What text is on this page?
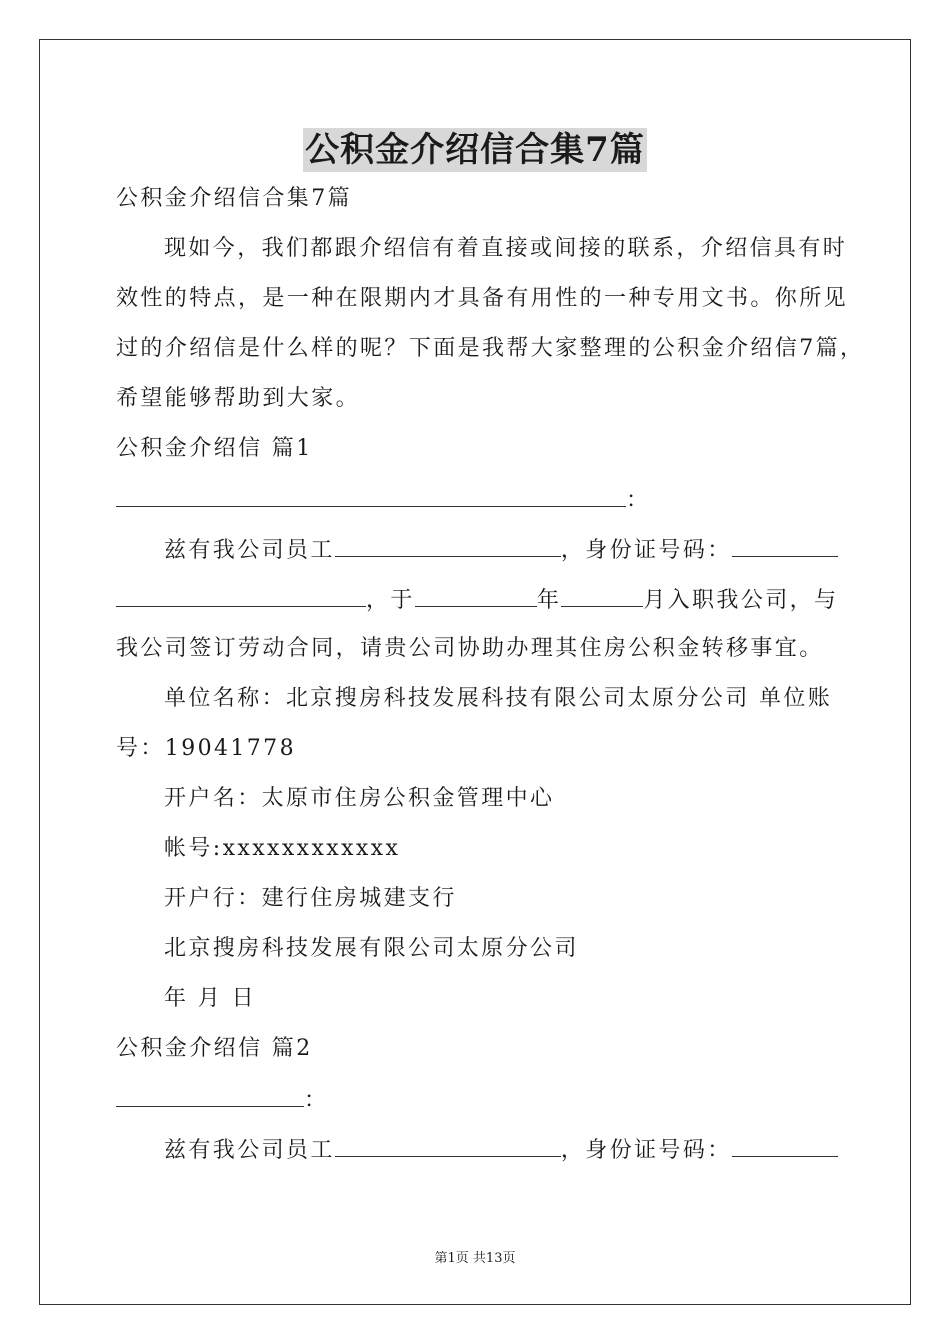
公积金介绍信合集7篇
公积金介绍信合集7篇
现如今，我们都跟介绍信有着直接或间接的联系，介绍信具有时
效性的特点，是一种在限期内才具备有用性的一种专用文书。你所见
过的介绍信是什么样的呢？下面是我帮大家整理的公积金介绍信7篇，
希望能够帮助到大家。
公积金介绍信 篇1
：
兹有我公司员工	，身份证号码：
，于	年	月入职我公司，与
我公司签订劳动合同，请贵公司协助办理其住房公积金转移事宜。
单位名称：北京搜房科技发展科技有限公司太原分公司 单位账
号：19041778
开户名：太原市住房公积金管理中心
帐号:xxxxxxxxxxxx
开户行：建行住房城建支行
北京搜房科技发展有限公司太原分公司
年 月 日
公积金介绍信 篇2
：
兹有我公司员工	，身份证号码：
第1页 共13页
